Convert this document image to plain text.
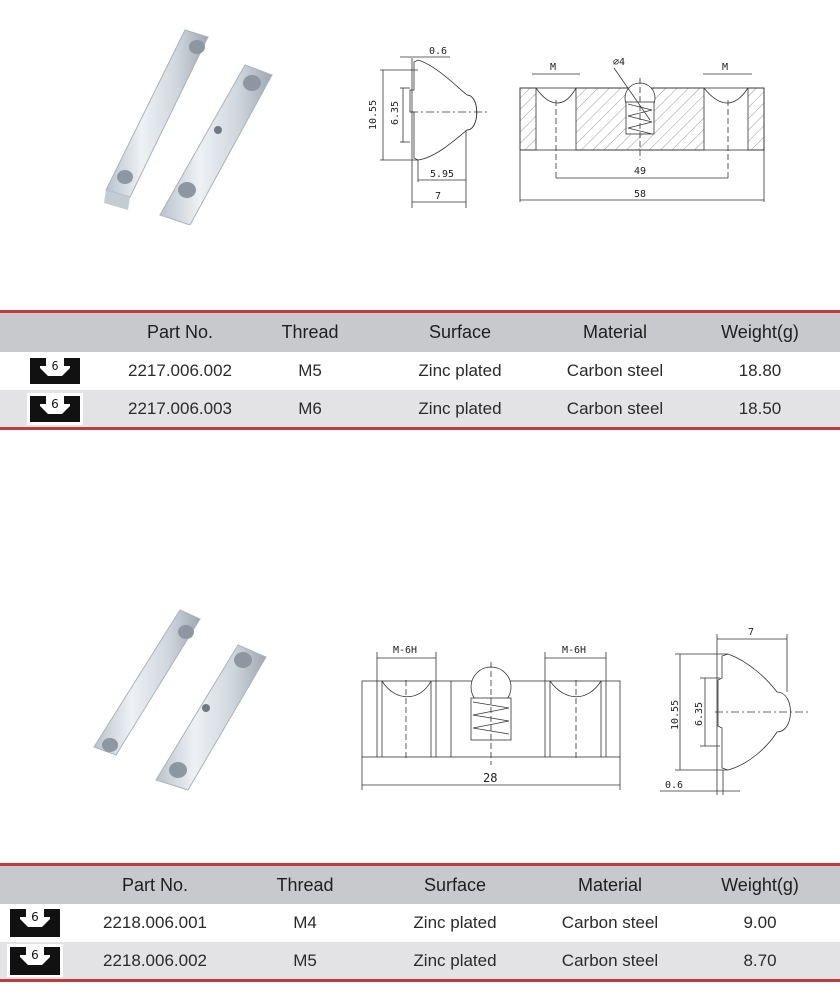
0.6
10.55 6.35
5.95
7
M	M
⌀4
49
58
Part No.	Thread	Surface	Material	Weight(g)
6	2217.006.002	M5	Zinc plated	Carbon steel	18.80
6	2217.006.003	M6	Zinc plated	Carbon steel	18.50
M-6H	M-6H
28
7
10.55 6.35
0.6
Part No.	Thread	Surface	Material	Weight(g)
6	2218.006.001	M4	Zinc plated	Carbon steel	9.00
6	2218.006.002	M5	Zinc plated	Carbon steel	8.70
